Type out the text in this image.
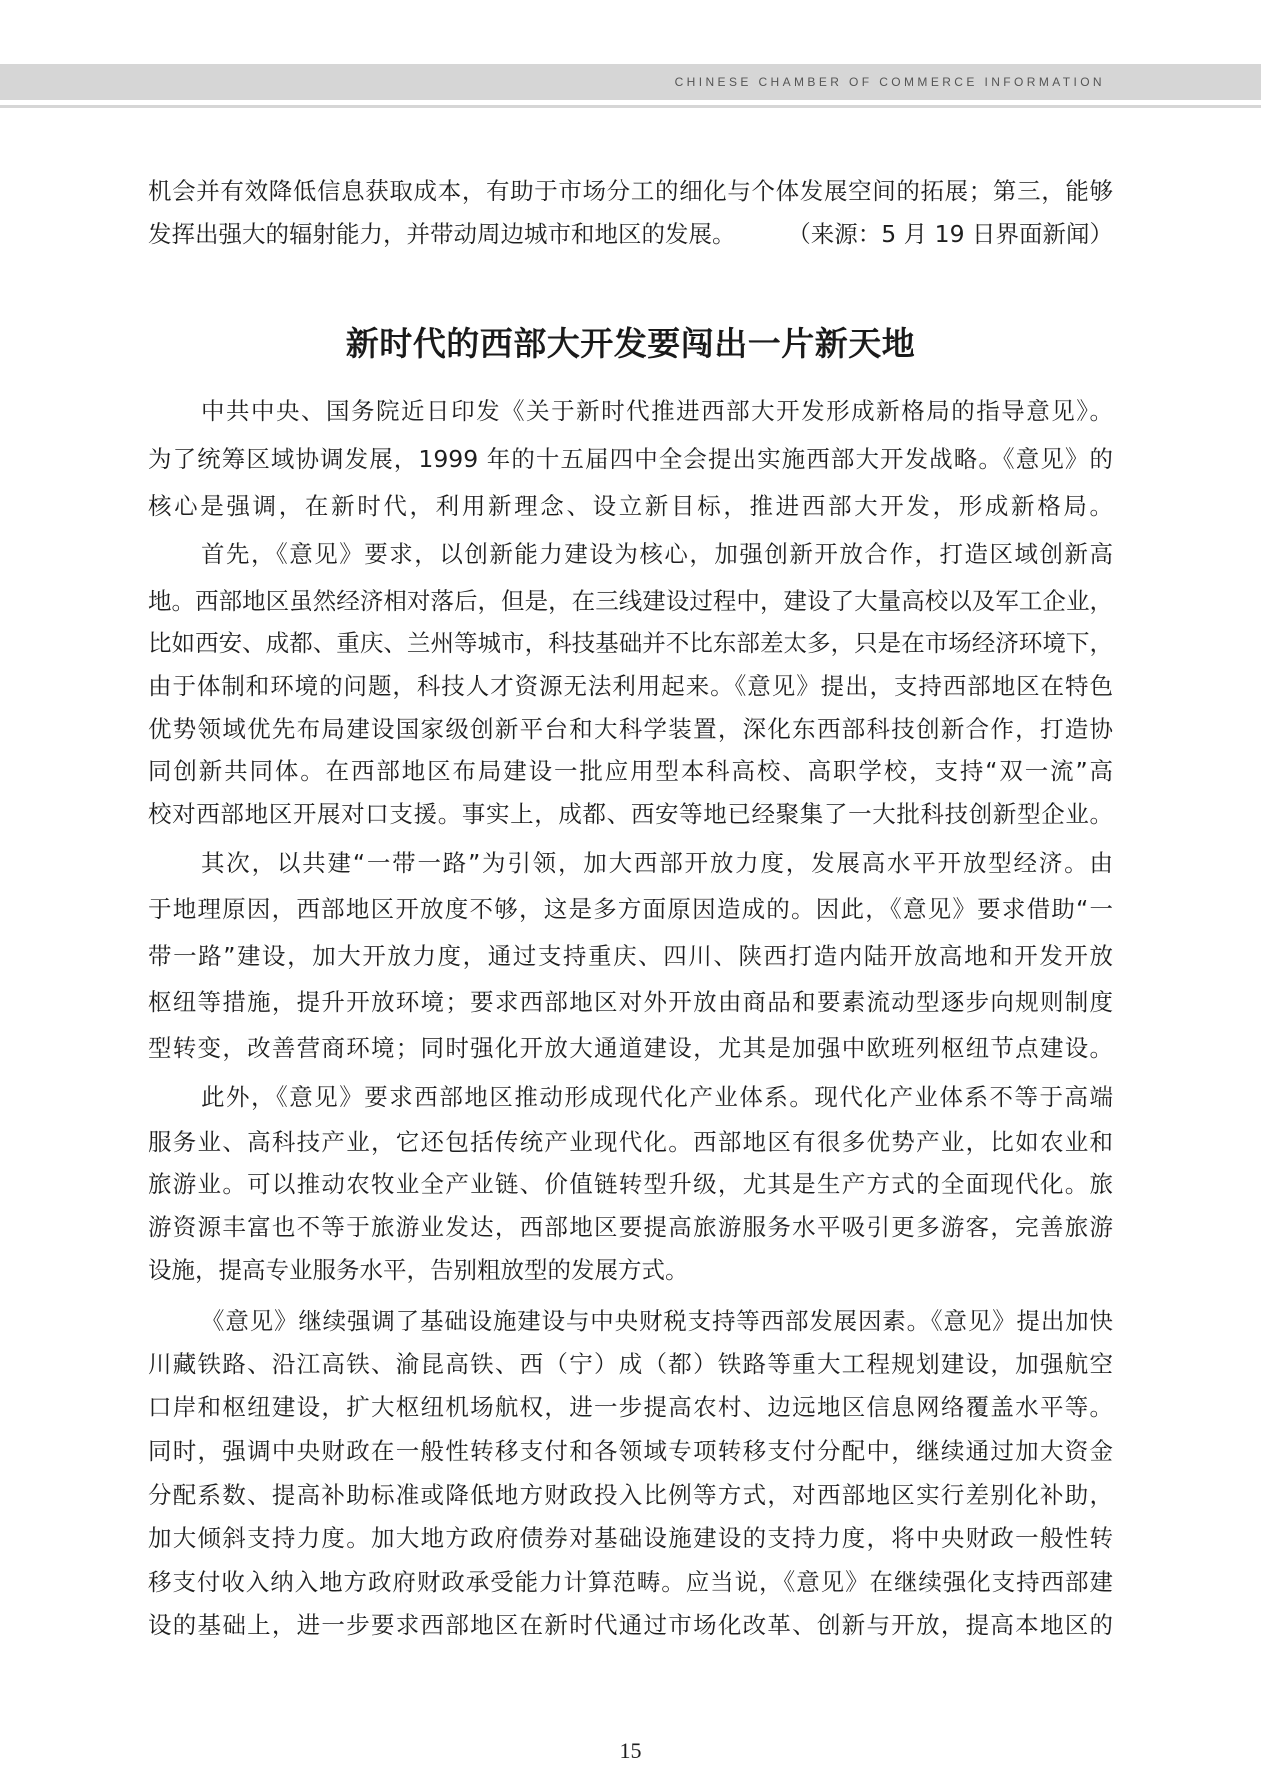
CHINESE CHAMBER OF COMMERCE INFORMATION
机会并有效降低信息获取成本，有助于市场分工的细化与个体发展空间的拓展；第三，能够
发挥出强大的辐射能力，并带动周边城市和地区的发展。 （来源：5 月 19 日界面新闻）
新时代的西部大开发要闯出一片新天地
中共中央、国务院近日印发《关于新时代推进西部大开发形成新格局的指导意见》。
为了统筹区域协调发展，1999 年的十五届四中全会提出实施西部大开发战略。《意见》的
核心是强调，在新时代，利用新理念、设立新目标，推进西部大开发，形成新格局。
首先，《意见》要求，以创新能力建设为核心，加强创新开放合作，打造区域创新高
地。西部地区虽然经济相对落后，但是，在三线建设过程中，建设了大量高校以及军工企业，
比如西安、成都、重庆、兰州等城市，科技基础并不比东部差太多，只是在市场经济环境下，
由于体制和环境的问题，科技人才资源无法利用起来。《意见》提出，支持西部地区在特色
优势领域优先布局建设国家级创新平台和大科学装置，深化东西部科技创新合作，打造协
同创新共同体。在西部地区布局建设一批应用型本科高校、高职学校，支持“双一流”高
校对西部地区开展对口支援。事实上，成都、西安等地已经聚集了一大批科技创新型企业。
其次，以共建“一带一路”为引领，加大西部开放力度，发展高水平开放型经济。由
于地理原因，西部地区开放度不够，这是多方面原因造成的。因此，《意见》要求借助“一
带一路”建设，加大开放力度，通过支持重庆、四川、陕西打造内陆开放高地和开发开放
枢纽等措施，提升开放环境；要求西部地区对外开放由商品和要素流动型逐步向规则制度
型转变，改善营商环境；同时强化开放大通道建设，尤其是加强中欧班列枢纽节点建设。
此外，《意见》要求西部地区推动形成现代化产业体系。现代化产业体系不等于高端
服务业、高科技产业，它还包括传统产业现代化。西部地区有很多优势产业，比如农业和
旅游业。可以推动农牧业全产业链、价值链转型升级，尤其是生产方式的全面现代化。旅
游资源丰富也不等于旅游业发达，西部地区要提高旅游服务水平吸引更多游客，完善旅游
设施，提高专业服务水平，告别粗放型的发展方式。
《意见》继续强调了基础设施建设与中央财税支持等西部发展因素。《意见》提出加快
川藏铁路、沿江高铁、渝昆高铁、西（宁）成（都）铁路等重大工程规划建设，加强航空
口岸和枢纽建设，扩大枢纽机场航权，进一步提高农村、边远地区信息网络覆盖水平等。
同时，强调中央财政在一般性转移支付和各领域专项转移支付分配中，继续通过加大资金
分配系数、提高补助标准或降低地方财政投入比例等方式，对西部地区实行差别化补助，
加大倾斜支持力度。加大地方政府债券对基础设施建设的支持力度，将中央财政一般性转
移支付收入纳入地方政府财政承受能力计算范畴。应当说，《意见》在继续强化支持西部建
设的基础上，进一步要求西部地区在新时代通过市场化改革、创新与开放，提高本地区的
15
